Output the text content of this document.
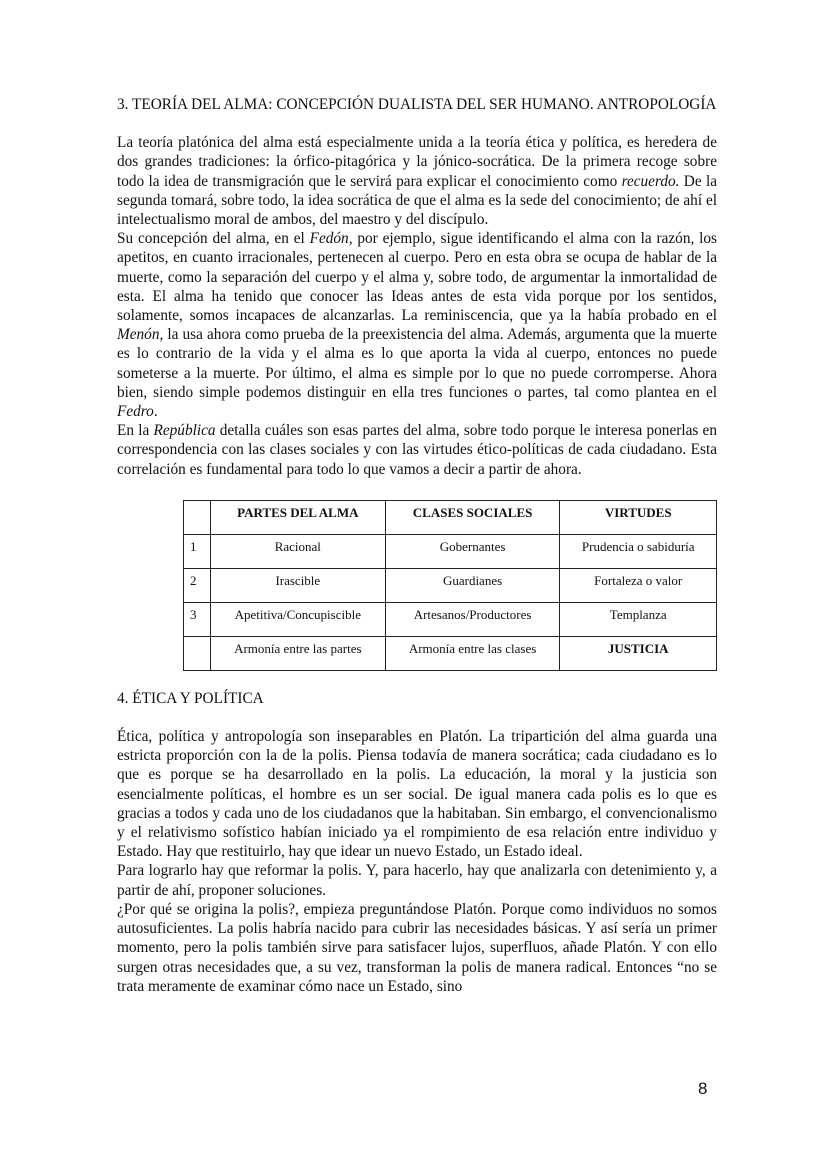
3. TEORÍA DEL ALMA: CONCEPCIÓN DUALISTA DEL SER HUMANO. ANTROPOLOGÍA

La teoría platónica del alma está especialmente unida a la teoría ética y política, es heredera de dos grandes tradiciones: la órfico-pitagórica y la jónico-socrática. De la primera recoge sobre todo la idea de transmigración que le servirá para explicar el conocimiento como recuerdo. De la segunda tomará, sobre todo, la idea socrática de que el alma es la sede del conocimiento; de ahí el intelectualismo moral de ambos, del maestro y del discípulo.

Su concepción del alma, en el Fedón, por ejemplo, sigue identificando el alma con la razón, los apetitos, en cuanto irracionales, pertenecen al cuerpo. Pero en esta obra se ocupa de hablar de la muerte, como la separación del cuerpo y el alma y, sobre todo, de argumentar la inmortalidad de esta. El alma ha tenido que conocer las Ideas antes de esta vida porque por los sentidos, solamente, somos incapaces de alcanzarlas. La reminiscencia, que ya la había probado en el Menón, la usa ahora como prueba de la preexistencia del alma. Además, argumenta que la muerte es lo contrario de la vida y el alma es lo que aporta la vida al cuerpo, entonces no puede someterse a la muerte. Por último, el alma es simple por lo que no puede corromperse. Ahora bien, siendo simple podemos distinguir en ella tres funciones o partes, tal como plantea en el Fedro.

En la República detalla cuáles son esas partes del alma, sobre todo porque le interesa ponerlas en correspondencia con las clases sociales y con las virtudes ético-políticas de cada ciudadano. Esta correlación es fundamental para todo lo que vamos a decir a partir de ahora.

	PARTES DEL ALMA	CLASES SOCIALES	VIRTUDES
1	Racional	Gobernantes	Prudencia o sabiduría
2	Irascible	Guardianes	Fortaleza o valor
3	Apetitiva/Concupiscible	Artesanos/Productores	Templanza
	Armonía entre las partes	Armonía entre las clases	JUSTICIA
4. ÉTICA Y POLÍTICA

Ética, política y antropología son inseparables en Platón. La tripartición del alma guarda una estricta proporción con la de la polis. Piensa todavía de manera socrática; cada ciudadano es lo que es porque se ha desarrollado en la polis. La educación, la moral y la justicia son esencialmente políticas, el hombre es un ser social. De igual manera cada polis es lo que es gracias a todos y cada uno de los ciudadanos que la habitaban. Sin embargo, el convencionalismo y el relativismo sofístico habían iniciado ya el rompimiento de esa relación entre individuo y Estado. Hay que restituirlo, hay que idear un nuevo Estado, un Estado ideal.

Para lograrlo hay que reformar la polis. Y, para hacerlo, hay que analizarla con detenimiento y, a partir de ahí, proponer soluciones.

¿Por qué se origina la polis?, empieza preguntándose Platón. Porque como individuos no somos autosuficientes. La polis habría nacido para cubrir las necesidades básicas. Y así sería un primer momento, pero la polis también sirve para satisfacer lujos, superfluos, añade Platón. Y con ello surgen otras necesidades que, a su vez, transforman la polis de manera radical. Entonces “no se trata meramente de examinar cómo nace un Estado, sino

8
